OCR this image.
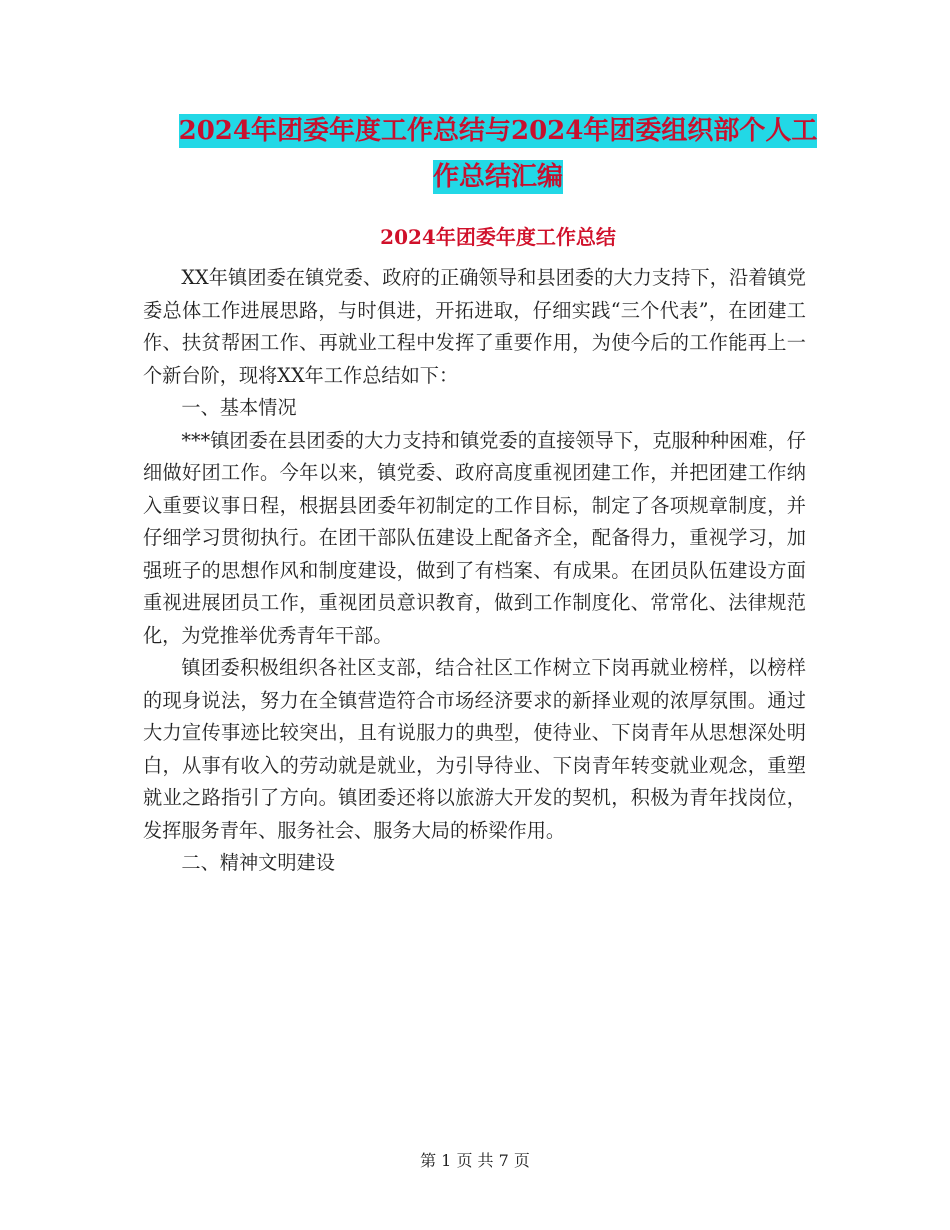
2024年团委年度工作总结与2024年团委组织部个人工
作总结汇编
2024年团委年度工作总结

XX年镇团委在镇党委、政府的正确领导和县团委的大力支持下，沿着镇党委总体工作进展思路，与时俱进，开拓进取，仔细实践“三个代表”，在团建工作、扶贫帮困工作、再就业工程中发挥了重要作用，为使今后的工作能再上一个新台阶，现将XX年工作总结如下：

一、基本情况

***镇团委在县团委的大力支持和镇党委的直接领导下，克服种种困难，仔细做好团工作。今年以来，镇党委、政府高度重视团建工作，并把团建工作纳入重要议事日程，根据县团委年初制定的工作目标，制定了各项规章制度，并仔细学习贯彻执行。在团干部队伍建设上配备齐全，配备得力，重视学习，加强班子的思想作风和制度建设，做到了有档案、有成果。在团员队伍建设方面重视进展团员工作，重视团员意识教育，做到工作制度化、常常化、法律规范化，为党推举优秀青年干部。

镇团委积极组织各社区支部，结合社区工作树立下岗再就业榜样，以榜样的现身说法，努力在全镇营造符合市场经济要求的新择业观的浓厚氛围。通过大力宣传事迹比较突出，且有说服力的典型，使待业、下岗青年从思想深处明白，从事有收入的劳动就是就业，为引导待业、下岗青年转变就业观念，重塑就业之路指引了方向。镇团委还将以旅游大开发的契机，积极为青年找岗位，发挥服务青年、服务社会、服务大局的桥梁作用。

二、精神文明建设

第 1 页 共 7 页
